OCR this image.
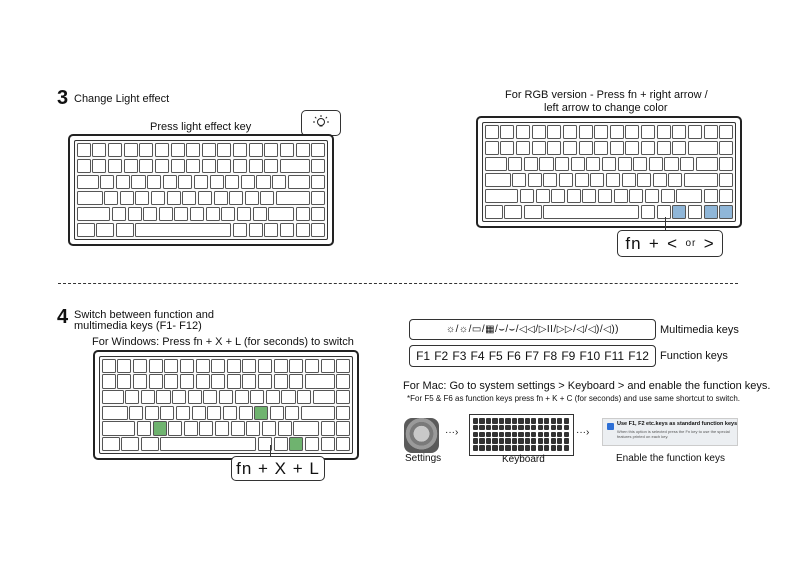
3 Change Light effect
Press light effect key
For RGB version - Press fn + right arrow /
left arrow to change color
fn + < or >
4 Switch between function and
multimedia keys (F1- F12)
For Windows: Press fn + X + L (for seconds) to switch
fn + X + L
☼/☼/▭/▦/⌣/⌣/◁◁/▷II/▷▷/◁/◁)/◁))	Multimedia keys
F1 F2 F3 F4 F5 F6 F7 F8 F9 F10 F11 F12 Function keys
For Mac: Go to system settings > Keyboard > and enable the function keys.
*For F5 & F6 as function keys press fn + K + C (for seconds) and use same shortcut to switch.
Settings
···›
Keyboard
···›
Use F1, F2 etc.keys as standard function keys
When this option is selected press the Fn key to use the special features printed on each key.
Enable the function keys
